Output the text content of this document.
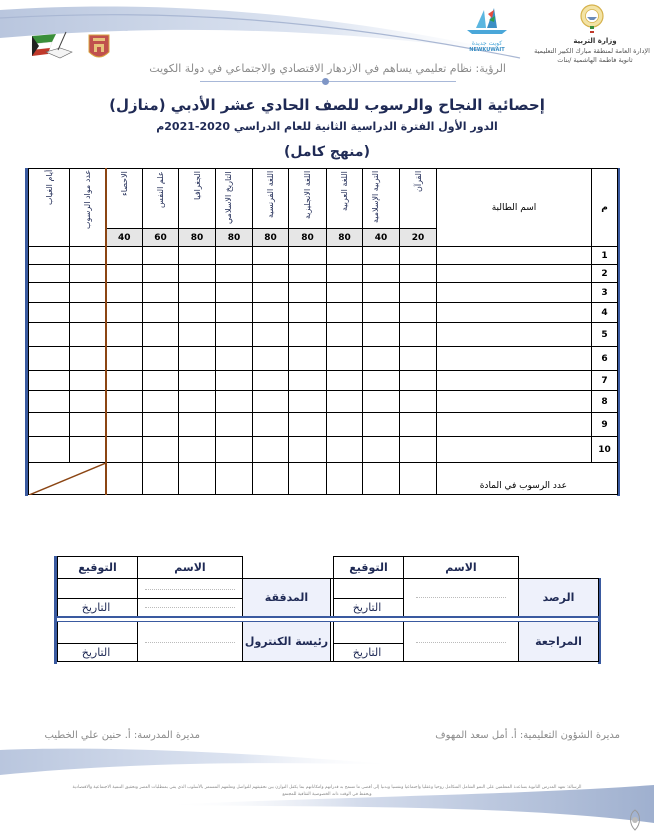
وزارة التربية
الإدارة العامة لمنطقة مبارك الكبير التعليمية
ثانوية فاطمة الهاشمية /بنات
كويت جديدة
NEWKUWAIT
الرؤية: نظام تعليمي يساهم في الازدهار الاقتصادي والاجتماعي في دولة الكويت
إحصائية النجاح والرسوب للصف الحادي عشر الأدبي (منازل)
الدور الأول الفترة الدراسية الثانية للعام الدراسي 2020-2021م
(منهج كامل)
أيام الغياب	عدد مواد الرسوب	الاحصاء	علم النفس	الجغرافيا	التاريخ الاسلامي	اللغة الفرنسية	اللغة الانجليزية	اللغة العربية	التربية الإسلامية	القرآن	اسم الطالبة	م
		40	60	80	80	80	80	80	40	20		
												1
												2
												3
												4
												5
												6
												7
												8
												9
												10

										عدد الرسوب في المادة	
التوقيع	الاسم			التوقيع	الاسم	

	المدققة				الرصد
التاريخ				التاريخ		

	رئيسة الكنترول				المراجعة
التاريخ				التاريخ		
مديرة الشؤون التعليمية: أ. أمل سعد المهوف
مديرة المدرسة: أ. حنين علي الخطيب
الرسالة: تعهد المدرس الثانوية بساعدة المتعلمين على النمو الشامل المتكامل روحيا وعقليا واجتماعيا ونفسيا وبدنيا إلى أقصى ما تسمح به قدراتهم وامكاناتهم بما يكفل التوازن بين تحقيقهم للتواصل وتعلمهم المستمر بالأسلوب الذي يفي بمتطلبات العصر وتحقيق التنمية الاجتماعية والاقتصادية
ويحفظ في الوقت ذاته الخصوصية الثقافية للمجتمع
